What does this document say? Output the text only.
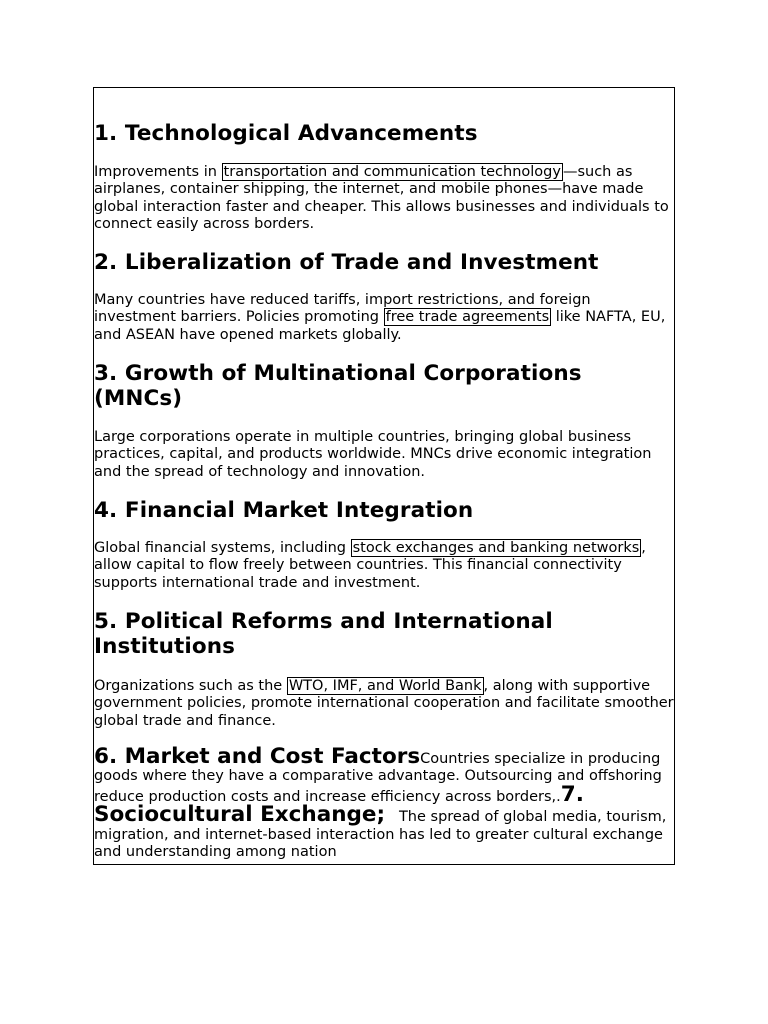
1. Technological Advancements

Improvements in transportation and communication technology —such as airplanes, container shipping, the internet, and mobile phones—have made global interaction faster and cheaper. This allows businesses and individuals to connect easily across borders.

2. Liberalization of Trade and Investment

Many countries have reduced tariffs, import restrictions, and foreign investment barriers. Policies promoting free trade agreements like NAFTA, EU, and ASEAN have opened markets globally.

3. Growth of Multinational Corporations (MNCs)

Large corporations operate in multiple countries, bringing global business practices, capital, and products worldwide. MNCs drive economic integration and the spread of technology and innovation.

4. Financial Market Integration

Global financial systems, including stock exchanges and banking networks , allow capital to flow freely between countries. This financial connectivity supports international trade and investment.

5. Political Reforms and International Institutions

Organizations such as the WTO, IMF, and World Bank , along with supportive government policies, promote international cooperation and facilitate smoother global trade and finance.

6. Market and Cost FactorsCountries specialize in producing goods where they have a comparative advantage. Outsourcing and offshoring reduce production costs and increase efficiency across borders,.7. Sociocultural Exchange; The spread of global media, tourism, migration, and internet-based interaction has led to greater cultural exchange and understanding among nation
